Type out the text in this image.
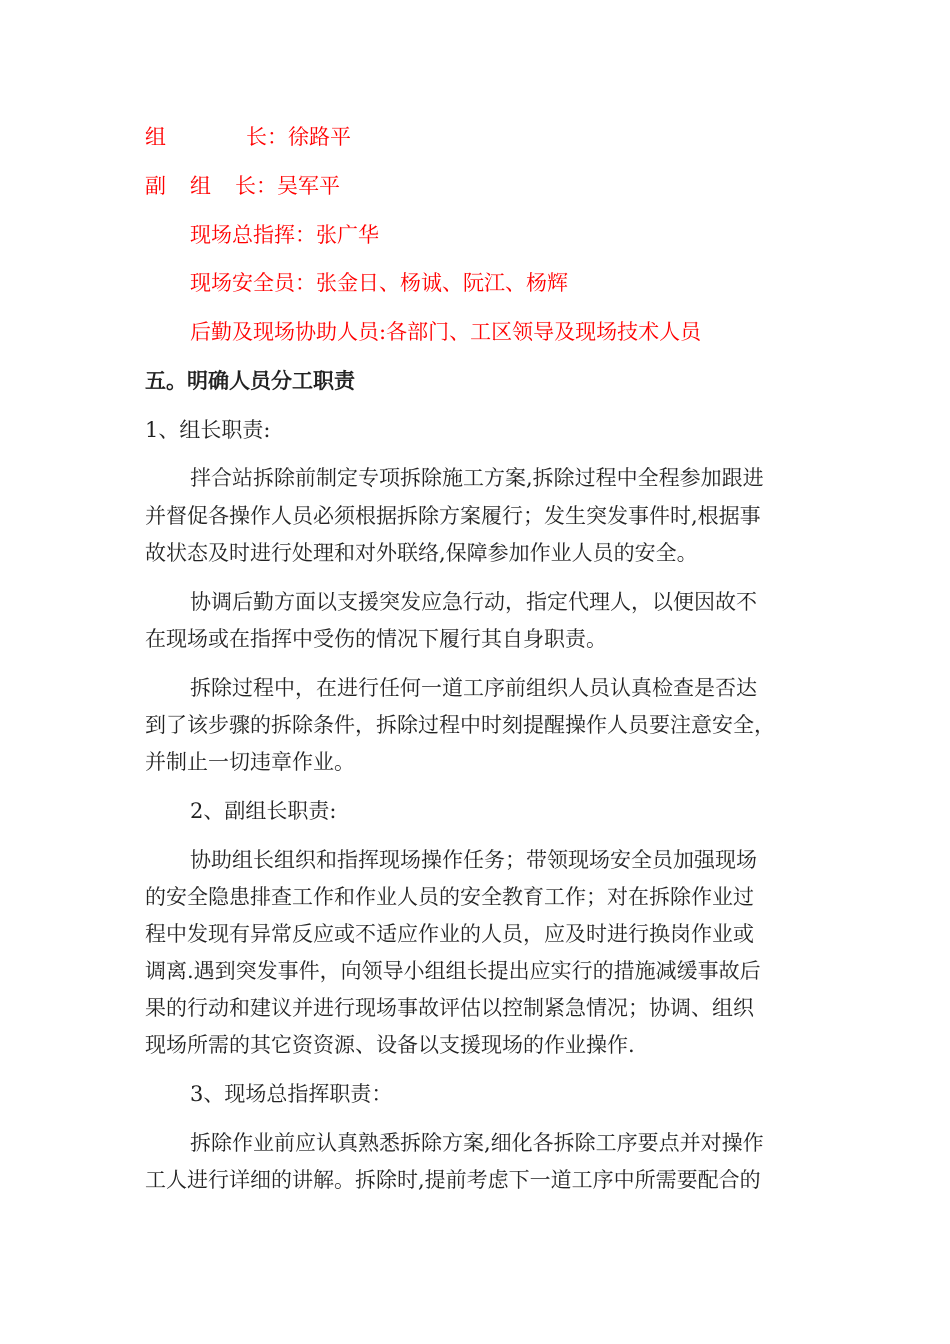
组	长：徐路平
副 组 长：吴军平
现场总指挥：张广华
现场安全员：张金日、杨诚、阮江、杨辉
后勤及现场协助人员:各部门、工区领导及现场技术人员
五。明确人员分工职责
1、组长职责:
拌合站拆除前制定专项拆除施工方案,拆除过程中全程参加跟进
并督促各操作人员必须根据拆除方案履行；发生突发事件时,根据事
故状态及时进行处理和对外联络,保障参加作业人员的安全。
协调后勤方面以支援突发应急行动，指定代理人，以便因故不
在现场或在指挥中受伤的情况下履行其自身职责。
拆除过程中，在进行任何一道工序前组织人员认真检查是否达
到了该步骤的拆除条件，拆除过程中时刻提醒操作人员要注意安全，
并制止一切违章作业。
2、副组长职责:
协助组长组织和指挥现场操作任务；带领现场安全员加强现场
的安全隐患排查工作和作业人员的安全教育工作；对在拆除作业过
程中发现有异常反应或不适应作业的人员，应及时进行换岗作业或
调离.遇到突发事件，向领导小组组长提出应实行的措施减缓事故后
果的行动和建议并进行现场事故评估以控制紧急情况；协调、组织
现场所需的其它资资源、设备以支援现场的作业操作.
3、现场总指挥职责：
拆除作业前应认真熟悉拆除方案,细化各拆除工序要点并对操作
工人进行详细的讲解。拆除时,提前考虑下一道工序中所需要配合的
